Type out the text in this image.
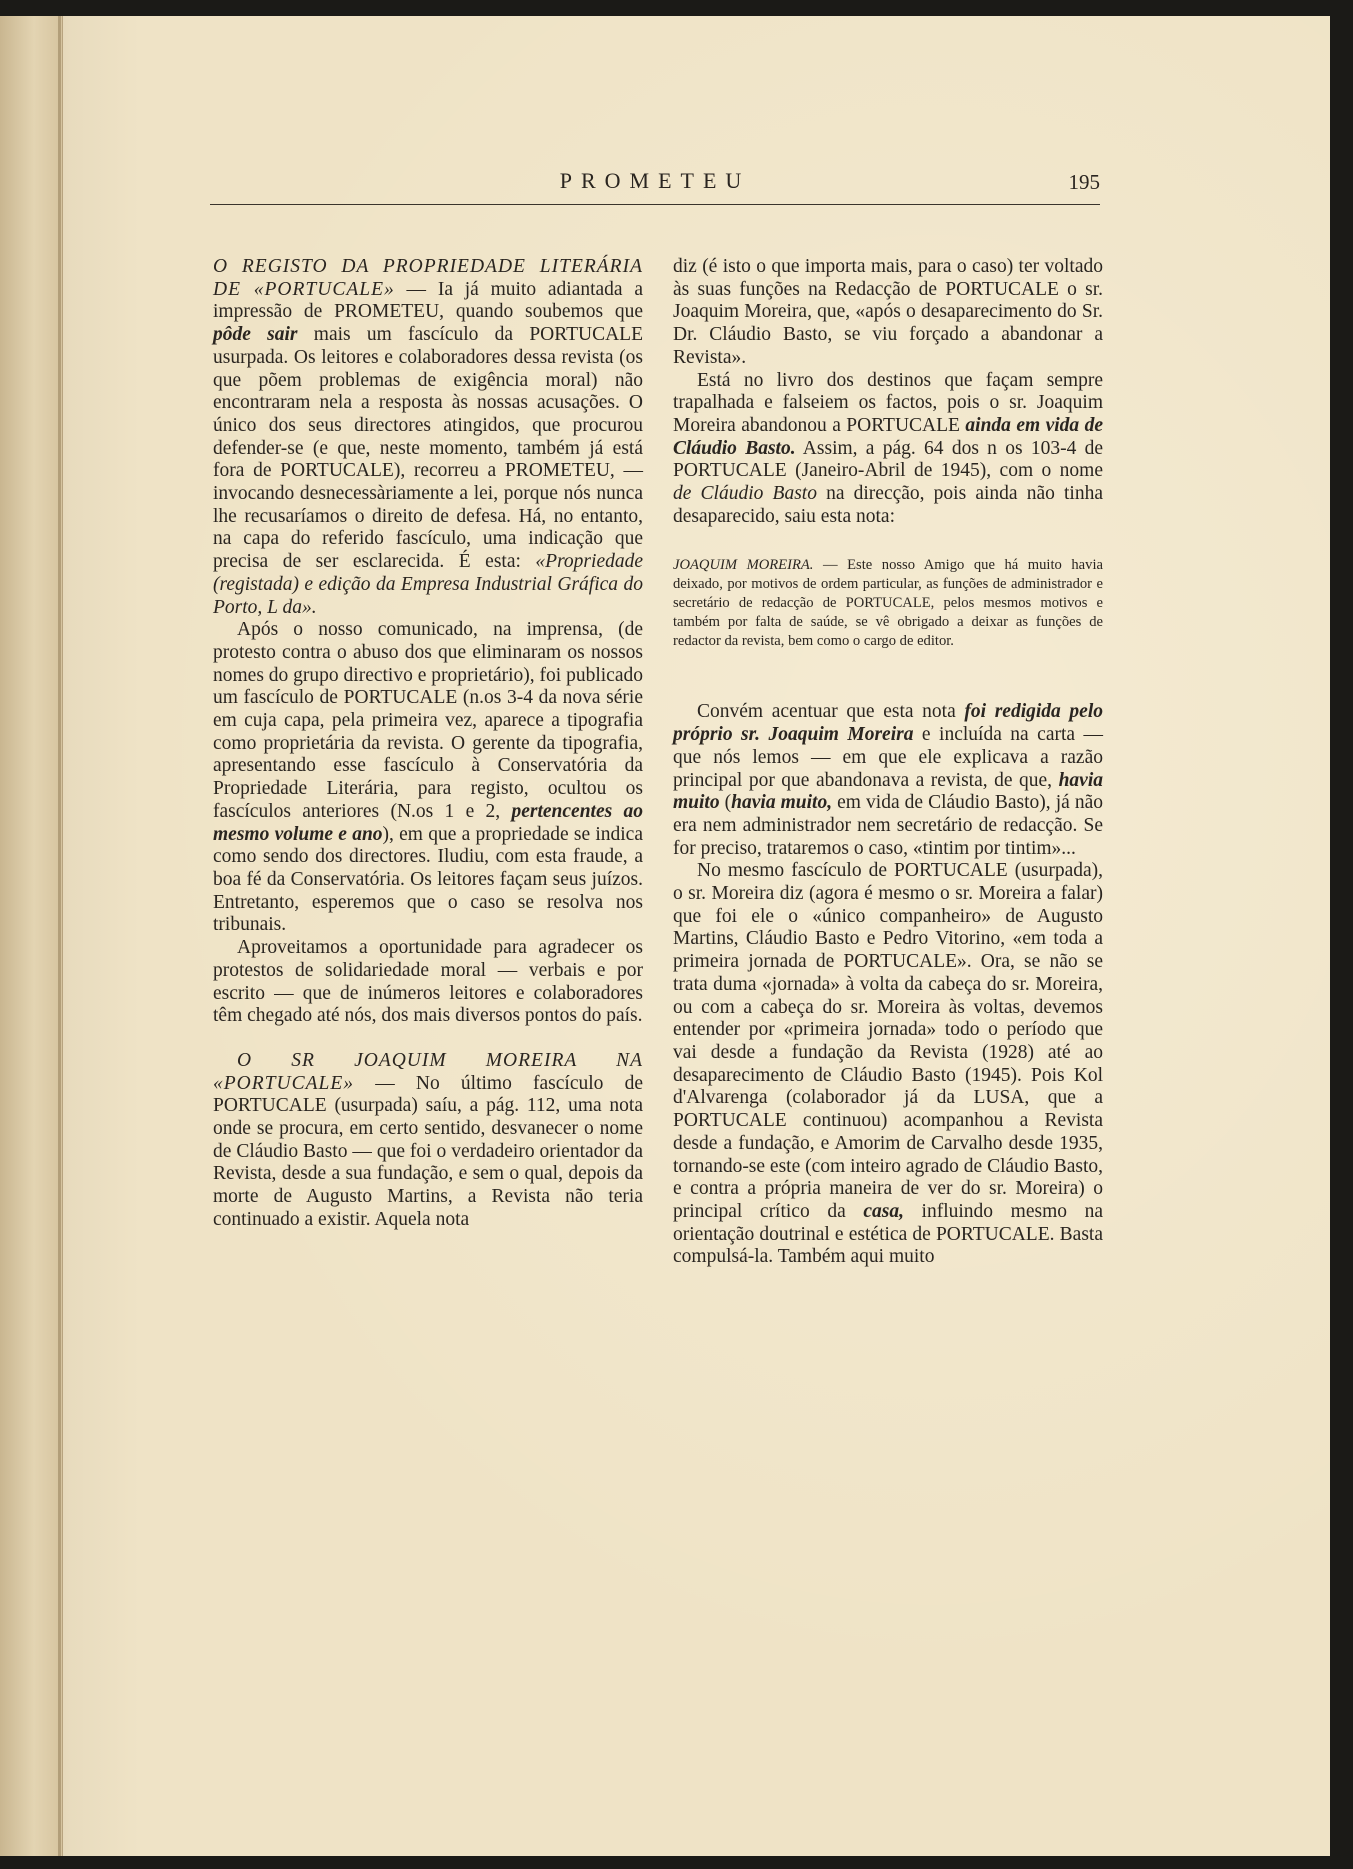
PROMETEU	195

O REGISTO DA PROPRIEDADE LITERÁRIA DE «PORTUCALE» — Ia já muito adiantada a impressão de PROMETEU, quando soubemos que pôde sair mais um fascículo da PORTUCALE usurpada. Os leitores e colaboradores dessa revista (os que põem problemas de exigência moral) não encontraram nela a resposta às nossas acusações. O único dos seus directores atingidos, que procurou defender-se (e que, neste momento, também já está fora de PORTUCALE), recorreu a PROMETEU, — invocando desnecessàriamente a lei, porque nós nunca lhe recusaríamos o direito de defesa. Há, no entanto, na capa do referido fascículo, uma indicação que precisa de ser esclarecida. É esta: «Propriedade (registada) e edição da Empresa Industrial Gráfica do Porto, L da».

Após o nosso comunicado, na imprensa, (de protesto contra o abuso dos que eliminaram os nossos nomes do grupo directivo e proprietário), foi publicado um fascículo de PORTUCALE (n.os 3-4 da nova série em cuja capa, pela primeira vez, aparece a tipografia como proprietária da revista. O gerente da tipografia, apresentando esse fascículo à Conservatória da Propriedade Literária, para registo, ocultou os fascículos anteriores (N.os 1 e 2, pertencentes ao mesmo volume e ano), em que a propriedade se indica como sendo dos directores. Iludiu, com esta fraude, a boa fé da Conservatória. Os leitores façam seus juízos. Entretanto, esperemos que o caso se resolva nos tribunais.

Aproveitamos a oportunidade para agradecer os protestos de solidariedade moral — verbais e por escrito — que de inúmeros leitores e colaboradores têm chegado até nós, dos mais diversos pontos do país.

O SR JOAQUIM MOREIRA NA «PORTUCALE» — No último fascículo de PORTUCALE (usurpada) saíu, a pág. 112, uma nota onde se procura, em certo sentido, desvanecer o nome de Cláudio Basto — que foi o verdadeiro orientador da Revista, desde a sua fundação, e sem o qual, depois da morte de Augusto Martins, a Revista não teria continuado a existir. Aquela nota

diz (é isto o que importa mais, para o caso) ter voltado às suas funções na Redacção de PORTUCALE o sr. Joaquim Moreira, que, «após o desaparecimento do Sr. Dr. Cláudio Basto, se viu forçado a abandonar a Revista».

Está no livro dos destinos que façam sempre trapalhada e falseiem os factos, pois o sr. Joaquim Moreira abandonou a PORTUCALE ainda em vida de Cláudio Basto. Assim, a pág. 64 dos n os 103-4 de PORTUCALE (Janeiro-Abril de 1945), com o nome de Cláudio Basto na direcção, pois ainda não tinha desaparecido, saiu esta nota:

JOAQUIM MOREIRA. — Este nosso Amigo que há muito havia deixado, por motivos de ordem particular, as funções de administrador e secretário de redacção de PORTUCALE, pelos mesmos motivos e também por falta de saúde, se vê obrigado a deixar as funções de redactor da revista, bem como o cargo de editor.

Convém acentuar que esta nota foi redigida pelo próprio sr. Joaquim Moreira e incluída na carta — que nós lemos — em que ele explicava a razão principal por que abandonava a revista, de que, havia muito (havia muito, em vida de Cláudio Basto), já não era nem administrador nem secretário de redacção. Se for preciso, trataremos o caso, «tintim por tintim»...

No mesmo fascículo de PORTUCALE (usurpada), o sr. Moreira diz (agora é mesmo o sr. Moreira a falar) que foi ele o «único companheiro» de Augusto Martins, Cláudio Basto e Pedro Vitorino, «em toda a primeira jornada de PORTUCALE». Ora, se não se trata duma «jornada» à volta da cabeça do sr. Moreira, ou com a cabeça do sr. Moreira às voltas, devemos entender por «primeira jornada» todo o período que vai desde a fundação da Revista (1928) até ao desaparecimento de Cláudio Basto (1945). Pois Kol d'Alvarenga (colaborador já da LUSA, que a PORTUCALE continuou) acompanhou a Revista desde a fundação, e Amorim de Carvalho desde 1935, tornando-se este (com inteiro agrado de Cláudio Basto, e contra a própria maneira de ver do sr. Moreira) o principal crítico da casa, influindo mesmo na orientação doutrinal e estética de PORTUCALE. Basta compulsá-la. Também aqui muito
